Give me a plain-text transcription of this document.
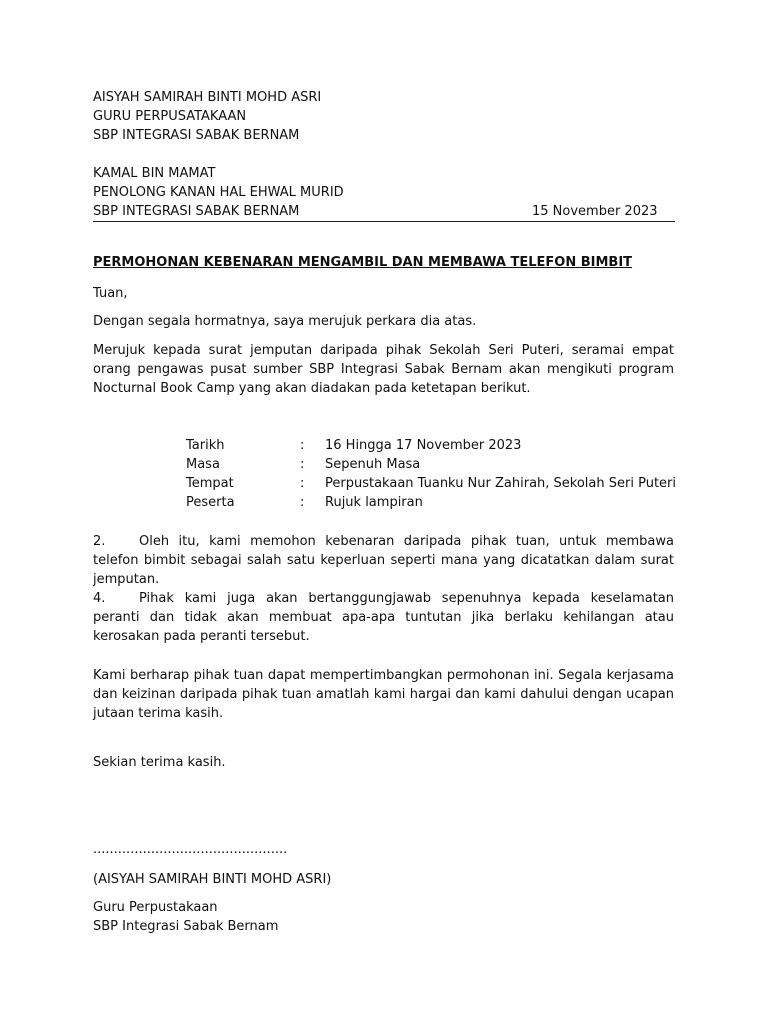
AISYAH SAMIRAH BINTI MOHD ASRI
GURU PERPUSATAKAAN
SBP INTEGRASI SABAK BERNAM
KAMAL BIN MAMAT
PENOLONG KANAN HAL EHWAL MURID
SBP INTEGRASI SABAK BERNAM	15 November 2023
PERMOHONAN KEBENARAN MENGAMBIL DAN MEMBAWA TELEFON BIMBIT
Tuan,
Dengan segala hormatnya, saya merujuk perkara dia atas.
Merujuk kepada surat jemputan daripada pihak Sekolah Seri Puteri, seramai empat orang pengawas pusat sumber SBP Integrasi Sabak Bernam akan mengikuti program Nocturnal Book Camp yang akan diadakan pada ketetapan berikut.
Tarikh	: 16 Hingga 17 November 2023
Masa	: Sepenuh Masa
Tempat	: Perpustakaan Tuanku Nur Zahirah, Sekolah Seri Puteri
Peserta	: Rujuk lampiran
2.	Oleh itu, kami memohon kebenaran daripada pihak tuan, untuk membawa telefon bimbit sebagai salah satu keperluan seperti mana yang dicatatkan dalam surat jemputan.
4.	Pihak kami juga akan bertanggungjawab sepenuhnya kepada keselamatan peranti dan tidak akan membuat apa-apa tuntutan jika berlaku kehilangan atau kerosakan pada peranti tersebut.
Kami berharap pihak tuan dapat mempertimbangkan permohonan ini. Segala kerjasama dan keizinan daripada pihak tuan amatlah kami hargai dan kami dahului dengan ucapan jutaan terima kasih.
Sekian terima kasih.
...............................................
(AISYAH SAMIRAH BINTI MOHD ASRI)
Guru Perpustakaan
SBP Integrasi Sabak Bernam
